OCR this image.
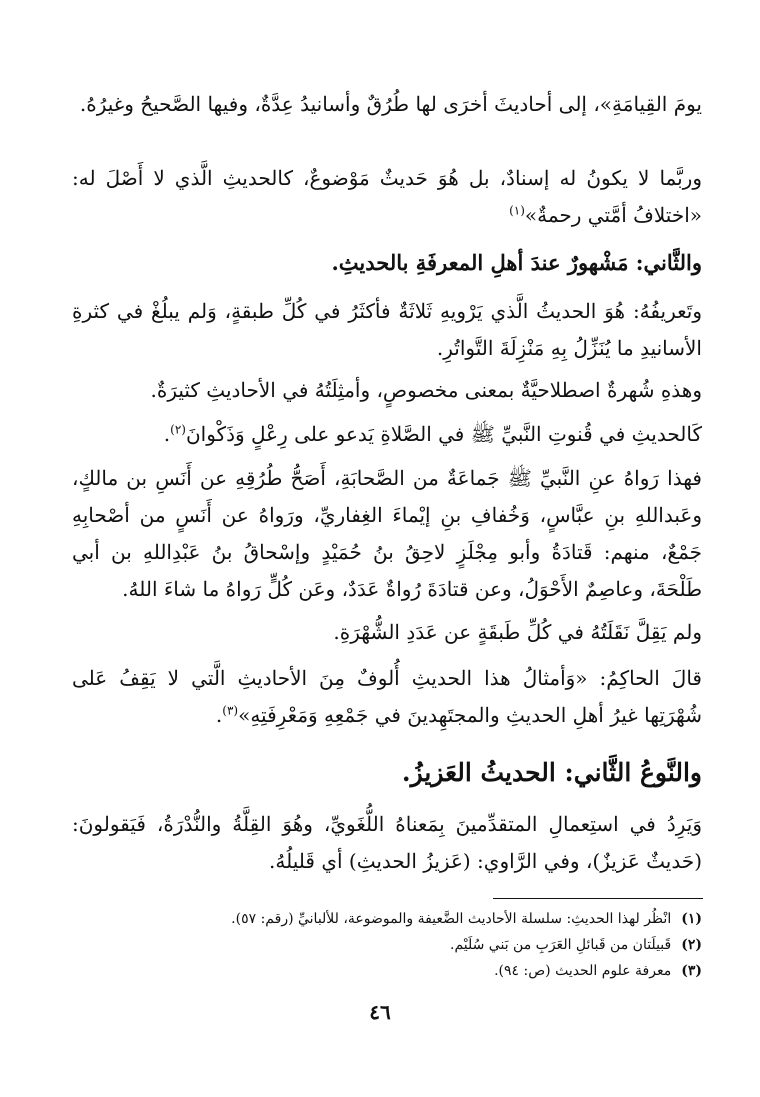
يومَ القِيامَةِ»، إلى أحاديثَ أخرَى لها طُرُقٌ وأسانيدُ عِدَّةٌ، وفيها الصَّحيحُ وغيرُهُ.

وربَّما لا يكونُ له إسنادٌ، بل هُوَ حَديثٌ مَوْضوعٌ، كالحديثِ الَّذي لا أَصْلَ له: «اختلافُ أمَّتي رحمةٌ»$^{(١)}$

والثَّاني: مَشْهورٌ عندَ أهلِ المعرفَةِ بالحديثِ.

وتَعريفُهُ: هُوَ الحديثُ الَّذي يَرْويهِ ثَلاثَةٌ فأكثَرُ في كُلِّ طبقةٍ، وَلم يبلُغْ في كثرةِ الأسانيدِ ما يُنَزِّلُ بِهِ مَنْزِلَةَ التَّواتُرِ.

وهذهِ شُهرةٌ اصطلاحيَّةٌ بمعنى مخصوصٍ، وأمثِلَتُهُ في الأحاديثِ كثيرَةٌ.

كَالحديثِ في قُنوتِ النَّبيِّ ﷺ في الصَّلاةِ يَدعو على رِعْلٍ وَذَكْوانَ$^{(٢)}$.

فهذا رَواهُ عنِ النَّبيِّ ﷺ جَماعَةٌ من الصَّحابَةِ، أَصَحُّ طُرُقِهِ عن أَنَسِ بن مالكٍ، وعَبداللهِ بنِ عبَّاسٍ، وَخُفافِ بنِ إيْماءَ الغِفاريِّ، ورَواهُ عن أَنَسٍ من أصْحابِهِ جَمْعٌ، منهم: قَتادَةُ وأبو مِجْلَزٍ لاحِقُ بنُ حُمَيْدٍ وإسْحاقُ بنُ عَبْدِاللهِ بن أبي طَلْحَةَ، وعاصِمٌ الأَحْوَلُ، وعن قتادَةَ رُواةٌ عَدَدٌ، وعَن كُلٍّ رَواهُ ما شاءَ اللهُ.

ولم يَقِلَّ نَقَلَتُهُ في كُلِّ طَبقَةٍ عن عَدَدِ الشُّهْرَةِ.

قالَ الحاكِمُ: «وَأمثالُ هذا الحديثِ أُلوفٌ مِنَ الأحاديثِ الَّتي لا يَقِفُ عَلى شُهْرَتِها غيرُ أهلِ الحديثِ والمجتَهِدينَ في جَمْعِهِ وَمَعْرِفَتِهِ»$^{(٣)}$.

والنَّوعُ الثَّاني: الحديثُ العَزيزُ.

وَيَرِدُ في استِعمالِ المتقدِّمينَ بِمَعناهُ اللُّغَويِّ، وهُوَ القِلَّةُ والنُّدْرَةُ، فَيَقولونَ: (حَديثٌ عَزيزٌ)، وفي الرَّاوي: (عَزيزُ الحديثِ) أي قَليلُهُ.

(١)انْظُر لهذا الحديثِ: سلسلة الأحاديث الضَّعيفة والموضوعة، للألبانيِّ (رقم: ٥٧).

(٢)قَبيلَتان من قَبائلِ العَرَبِ من بَني سُلَيْم.

(٣)معرفة علوم الحديث (ص: ٩٤).

٤٦
